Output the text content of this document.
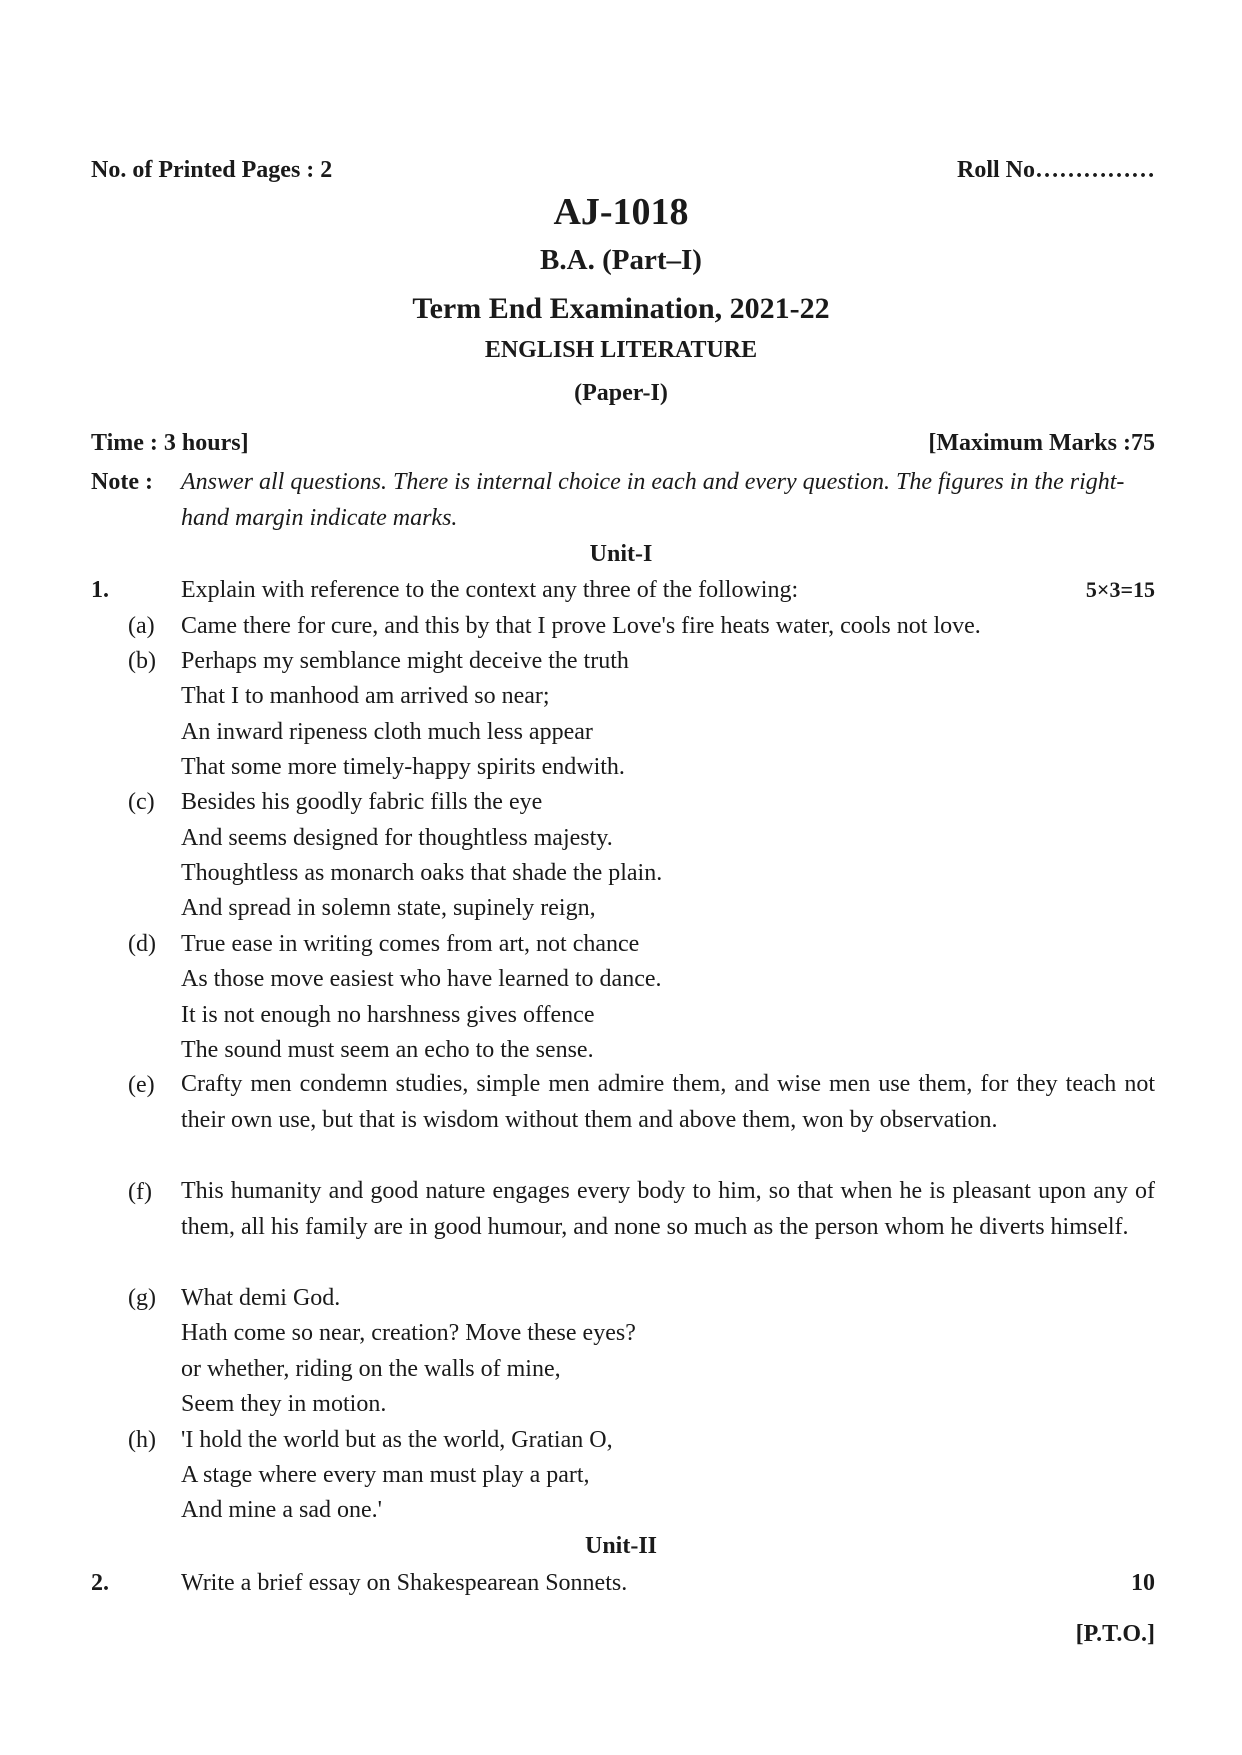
No. of Printed Pages : 2	Roll No……………
AJ-1018
B.A. (Part–I)
Term End Examination, 2021-22
ENGLISH LITERATURE
(Paper-I)
Time : 3 hours]	[Maximum Marks :75
Note : Answer all questions. There is internal choice in each and every question. The figures in the right-hand margin indicate marks.
Unit-I
1.	Explain with reference to the context any three of the following:	5×3=15
(a) Came there for cure, and this by that I prove Love's fire heats water, cools not love.
(b) Perhaps my semblance might deceive the truth
That I to manhood am arrived so near;
An inward ripeness cloth much less appear
That some more timely-happy spirits endwith.
(c) Besides his goodly fabric fills the eye
And seems designed for thoughtless majesty.
Thoughtless as monarch oaks that shade the plain.
And spread in solemn state, supinely reign,
(d) True ease in writing comes from art, not chance
As those move easiest who have learned to dance.
It is not enough no harshness gives offence
The sound must seem an echo to the sense.
(e) Crafty men condemn studies, simple men admire them, and wise men use them, for they teach not their own use, but that is wisdom without them and above them, won by observation.
(f) This humanity and good nature engages every body to him, so that when he is pleasant upon any of them, all his family are in good humour, and none so much as the person whom he diverts himself.
(g) What demi God.
Hath come so near, creation? Move these eyes?
or whether, riding on the walls of mine,
Seem they in motion.
(h) 'I hold the world but as the world, Gratian O,
A stage where every man must play a part,
And mine a sad one.'
Unit-II
2.	Write a brief essay on Shakespearean Sonnets.	10
[P.T.O.]
